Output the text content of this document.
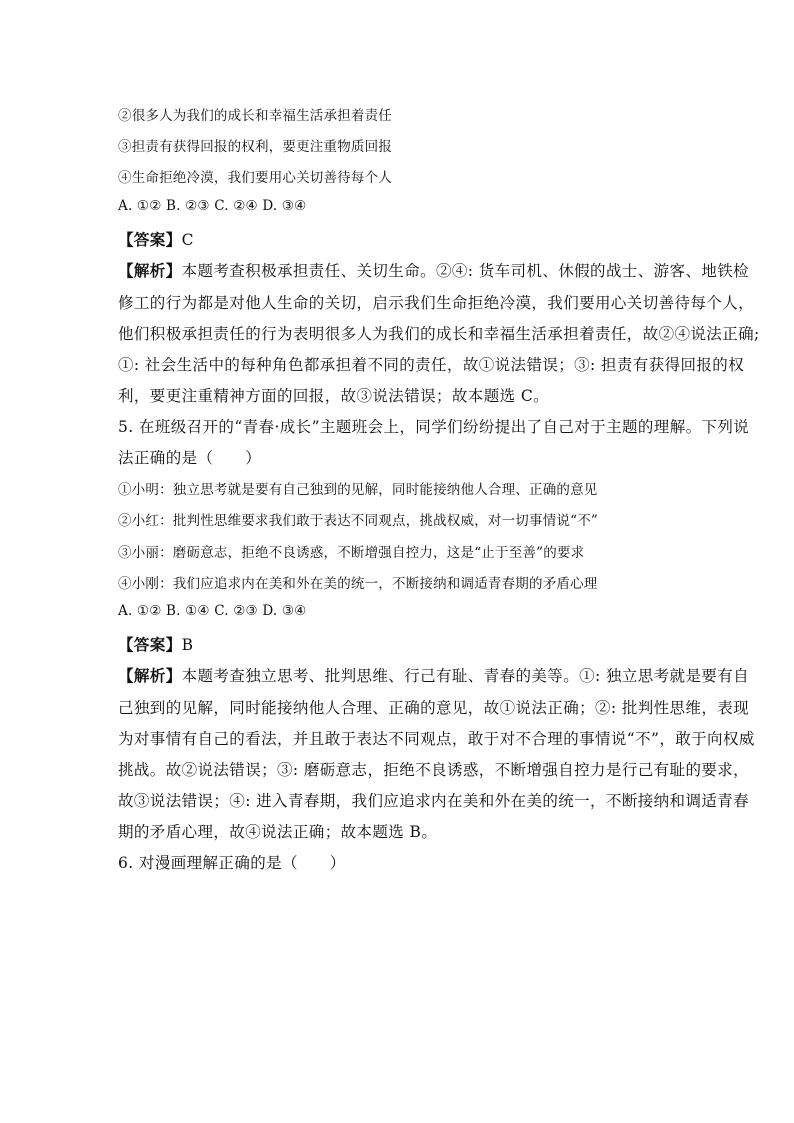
②很多人为我们的成长和幸福生活承担着责任
③担责有获得回报的权利，要更注重物质回报
④生命拒绝冷漠，我们要用心关切善待每个人
A. ①② B. ②③ C. ②④ D. ③④
【答案】C
【解析】本题考查积极承担责任、关切生命。②④: 货车司机、休假的战士、游客、地铁检
修工的行为都是对他人生命的关切，启示我们生命拒绝冷漠，我们要用心关切善待每个人，
他们积极承担责任的行为表明很多人为我们的成长和幸福生活承担着责任，故②④说法正确;
①: 社会生活中的每种角色都承担着不同的责任，故①说法错误；③: 担责有获得回报的权
利，要更注重精神方面的回报，故③说法错误；故本题选 C。
5. 在班级召开的“青春·成长”主题班会上，同学们纷纷提出了自己对于主题的理解。下列说
法正确的是（　　）
①小明：独立思考就是要有自己独到的见解，同时能接纳他人合理、正确的意见
②小红：批判性思维要求我们敢于表达不同观点，挑战权威，对一切事情说“不”
③小丽：磨砺意志，拒绝不良诱惑，不断增强自控力，这是“止于至善”的要求
④小刚：我们应追求内在美和外在美的统一，不断接纳和调适青春期的矛盾心理
A. ①② B. ①④ C. ②③ D. ③④
【答案】B
【解析】本题考查独立思考、批判思维、行己有耻、青春的美等。①: 独立思考就是要有自
己独到的见解，同时能接纳他人合理、正确的意见，故①说法正确；②: 批判性思维，表现
为对事情有自己的看法，并且敢于表达不同观点，敢于对不合理的事情说“不”，敢于向权威
挑战。故②说法错误；③: 磨砺意志，拒绝不良诱惑，不断增强自控力是行己有耻的要求，
故③说法错误；④: 进入青春期，我们应追求内在美和外在美的统一，不断接纳和调适青春
期的矛盾心理，故④说法正确；故本题选 B。
6. 对漫画理解正确的是（　　）
